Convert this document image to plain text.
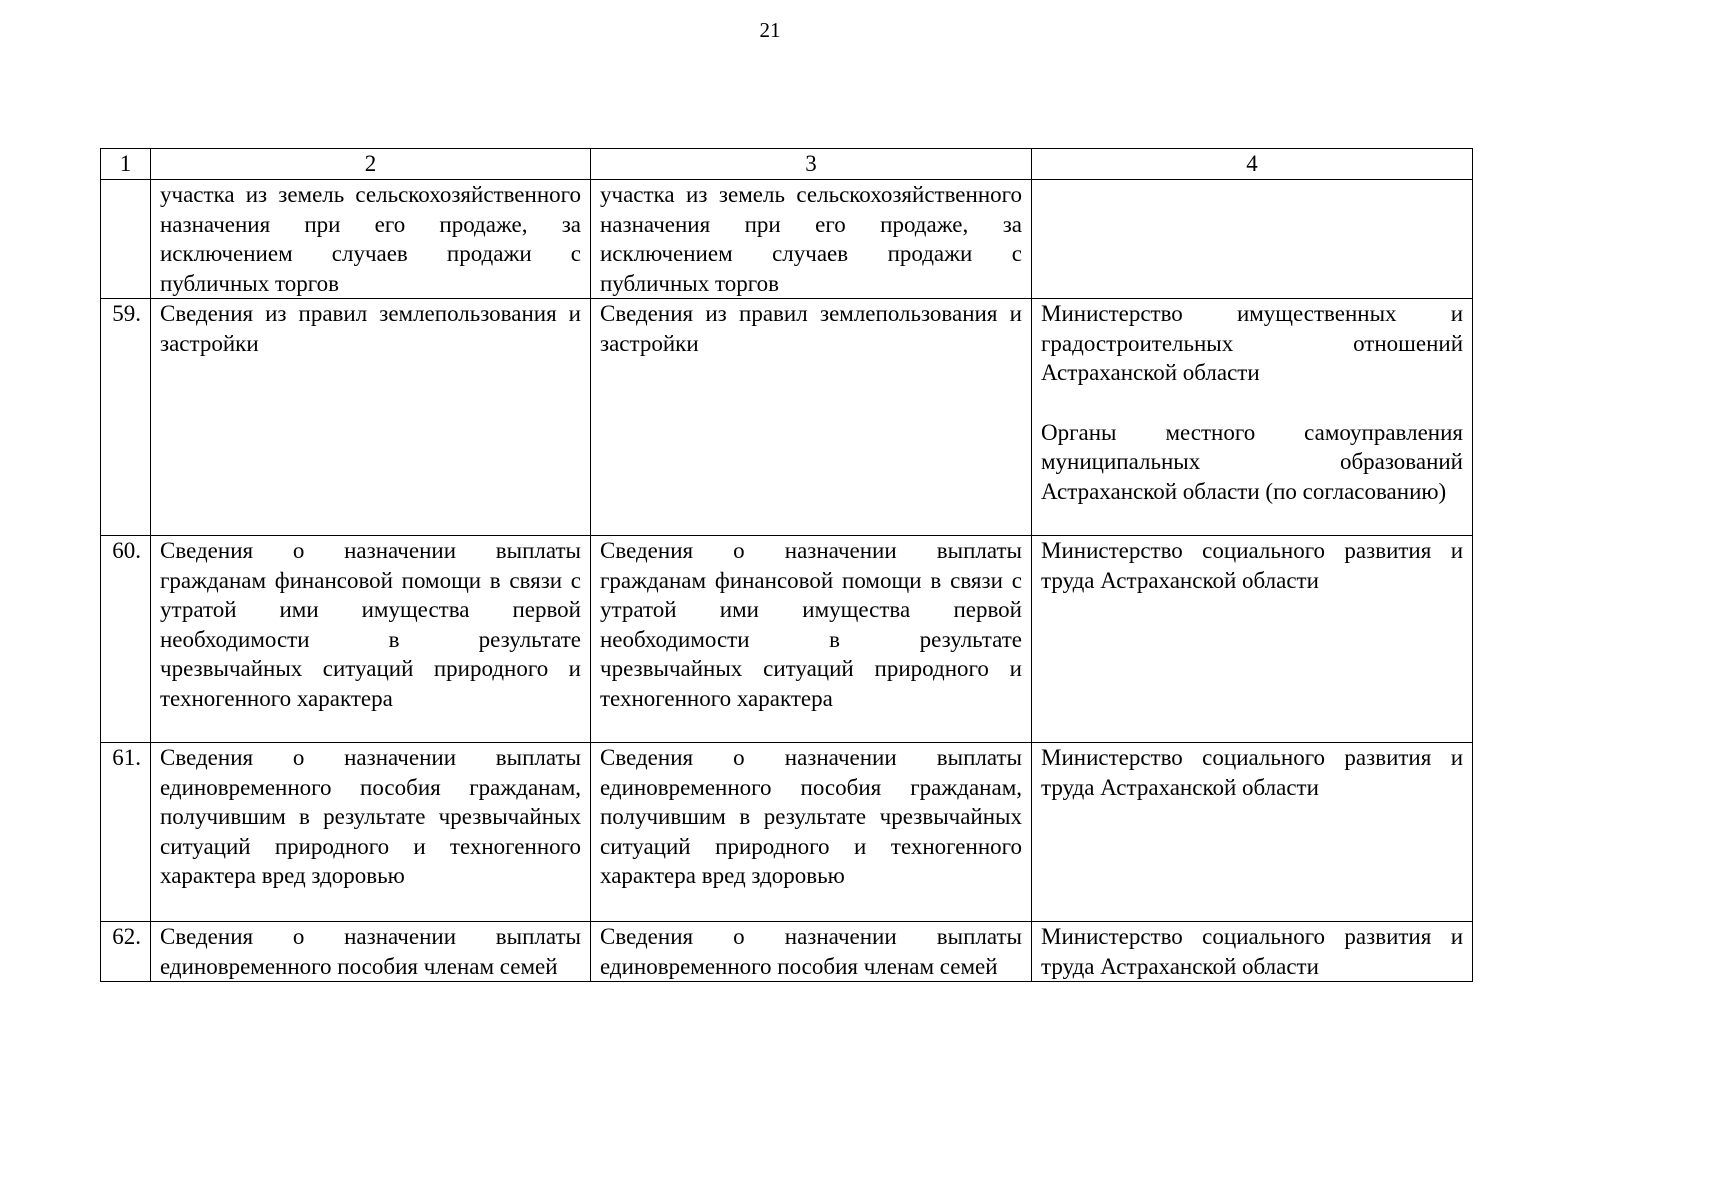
21
1	2	3	4
	участка из земель сельскохозяйственного назначения при его продаже, за исключением случаев продажи с публичных торгов	участка из земель сельскохозяйственного назначения при его продаже, за исключением случаев продажи с публичных торгов	
59.	Сведения из правил землепользования и застройки	Сведения из правил землепользования и застройки	Министерство имущественных и градостроительных отношений Астраханской области
Органы местного самоуправления муниципальных образований Астраханской области (по согласованию)

60.	Сведения о назначении выплаты гражданам финансовой помощи в связи с утратой ими имущества первой необходимости в результате чрезвычайных ситуаций природного и техногенного характера	Сведения о назначении выплаты гражданам финансовой помощи в связи с утратой ими имущества первой необходимости в результате чрезвычайных ситуаций природного и техногенного характера	Министерство социального развития и труда Астраханской области

61.	Сведения о назначении выплаты единовременного пособия гражданам, получившим в результате чрезвычайных ситуаций природного и техногенного характера вред здоровью	Сведения о назначении выплаты единовременного пособия гражданам, получившим в результате чрезвычайных ситуаций природного и техногенного характера вред здоровью	Министерство социального развития и труда Астраханской области

62.	Сведения о назначении выплаты единовременного пособия членам семей	Сведения о назначении выплаты единовременного пособия членам семей	Министерство социального развития и труда Астраханской области
